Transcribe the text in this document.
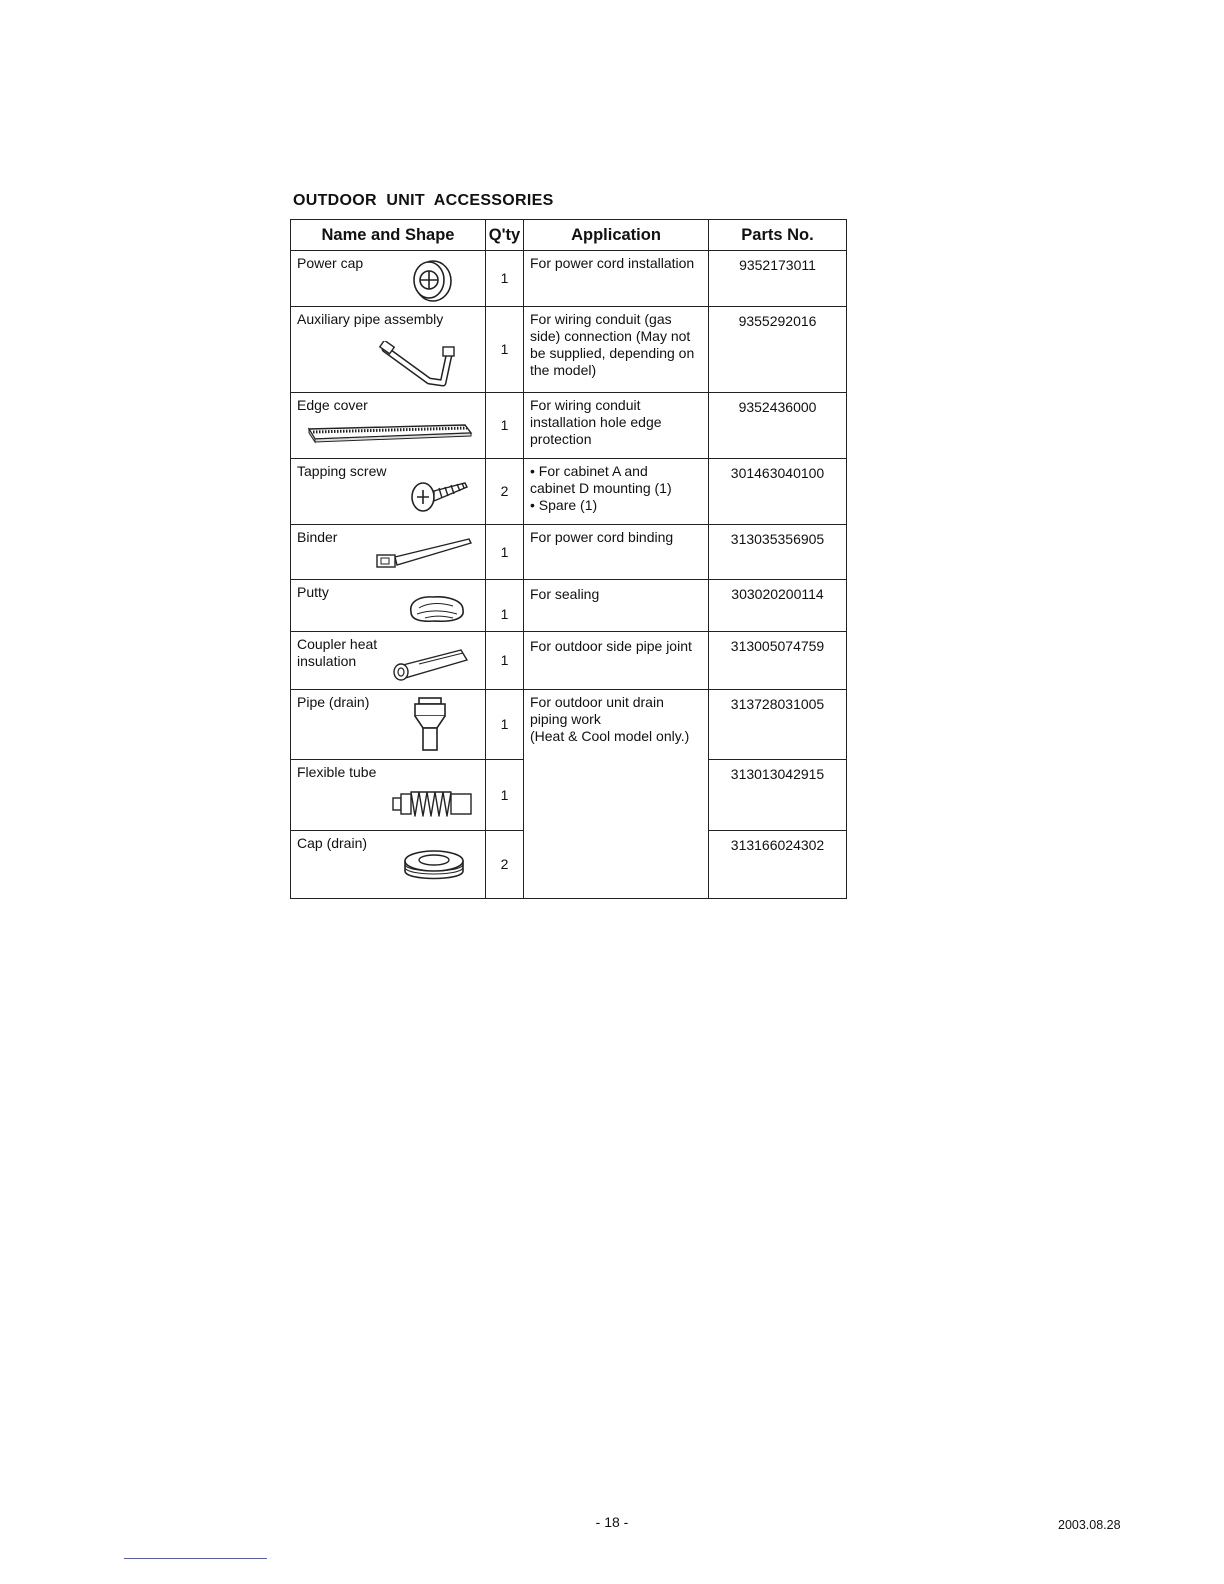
OUTDOOR  UNIT  ACCESSORIES
Name and Shape	Q'ty	Application	Parts No.

Power cap	1	For power cord installation	9352173011

Auxiliary pipe assembly	1	For wiring conduit (gas side) connection (May not be supplied, depending on the model)	9355292016

Edge cover	1	For wiring conduit installation hole edge protection	9352436000

Tapping screw	2	• For cabinet A and
cabinet D mounting (1)
• Spare (1)	301463040100

Binder	1	For power cord binding	313035356905

Putty	1	For sealing	303020200114

Coupler heat insulation	1	For outdoor side pipe joint	313005074759

Pipe (drain)	1	For outdoor unit drain piping work
(Heat & Cool model only.)	313728031005

Flexible tube	1		313013042915

Cap (drain)	2		313166024302
- 18 -	2003.08.28
